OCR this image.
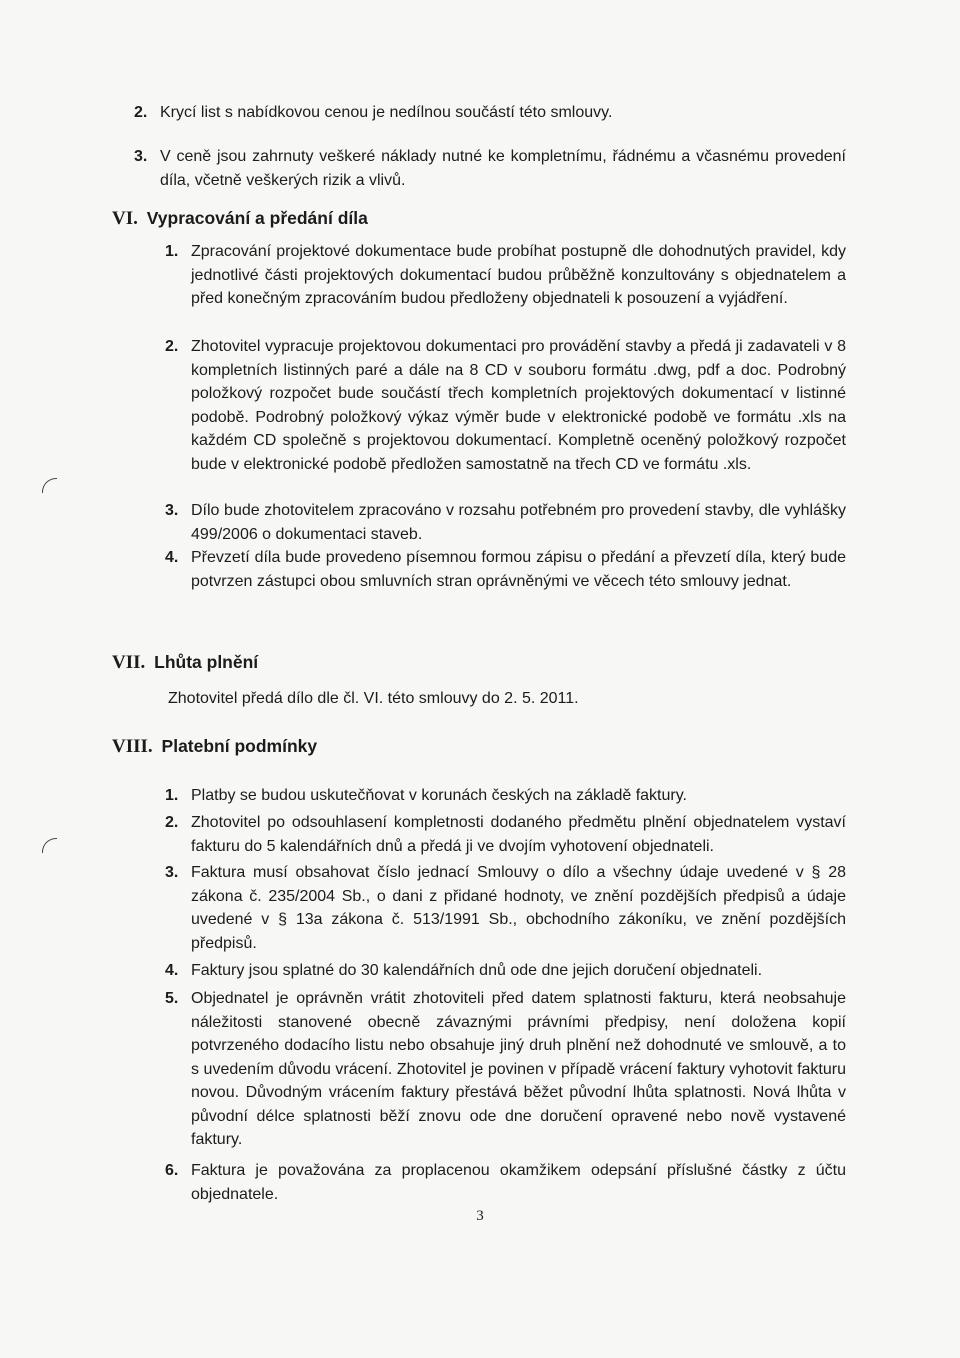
2. Krycí list s nabídkovou cenou je nedílnou součástí této smlouvy.
3. V ceně jsou zahrnuty veškeré náklady nutné ke kompletnímu, řádnému a včasnému provedení díla, včetně veškerých rizik a vlivů.
VI. Vypracování a předání díla
1. Zpracování projektové dokumentace bude probíhat postupně dle dohodnutých pravidel, kdy jednotlivé části projektových dokumentací budou průběžně konzultovány s objednatelem a před konečným zpracováním budou předloženy objednateli k posouzení a vyjádření.
2. Zhotovitel vypracuje projektovou dokumentaci pro provádění stavby a předá ji zadavateli v 8 kompletních listinných paré a dále na 8 CD v souboru formátu .dwg, pdf a doc. Podrobný položkový rozpočet bude součástí třech kompletních projektových dokumentací v listinné podobě. Podrobný položkový výkaz výměr bude v elektronické podobě ve formátu .xls na každém CD společně s projektovou dokumentací. Kompletně oceněný položkový rozpočet bude v elektronické podobě předložen samostatně na třech CD ve formátu .xls.
3. Dílo bude zhotovitelem zpracováno v rozsahu potřebném pro provedení stavby, dle vyhlášky 499/2006 o dokumentaci staveb.
4. Převzetí díla bude provedeno písemnou formou zápisu o předání a převzetí díla, který bude potvrzen zástupci obou smluvních stran oprávněnými ve věcech této smlouvy jednat.
VII. Lhůta plnění
Zhotovitel předá dílo dle čl. VI. této smlouvy do 2. 5. 2011.
VIII. Platební podmínky
1. Platby se budou uskutečňovat v korunách českých na základě faktury.
2. Zhotovitel po odsouhlasení kompletnosti dodaného předmětu plnění objednatelem vystaví fakturu do 5 kalendářních dnů a předá ji ve dvojím vyhotovení objednateli.
3. Faktura musí obsahovat číslo jednací Smlouvy o dílo a všechny údaje uvedené v § 28 zákona č. 235/2004 Sb., o dani z přidané hodnoty, ve znění pozdějších předpisů a údaje uvedené v § 13a zákona č. 513/1991 Sb., obchodního zákoníku, ve znění pozdějších předpisů.
4. Faktury jsou splatné do 30 kalendářních dnů ode dne jejich doručení objednateli.
5. Objednatel je oprávněn vrátit zhotoviteli před datem splatnosti fakturu, která neobsahuje náležitosti stanovené obecně závaznými právními předpisy, není doložena kopií potvrzeného dodacího listu nebo obsahuje jiný druh plnění než dohodnuté ve smlouvě, a to s uvedením důvodu vrácení. Zhotovitel je povinen v případě vrácení faktury vyhotovit fakturu novou. Důvodným vrácením faktury přestává běžet původní lhůta splatnosti. Nová lhůta v původní délce splatnosti běží znovu ode dne doručení opravené nebo nově vystavené faktury.
6. Faktura je považována za proplacenou okamžikem odepsání příslušné částky z účtu objednatele.
3
